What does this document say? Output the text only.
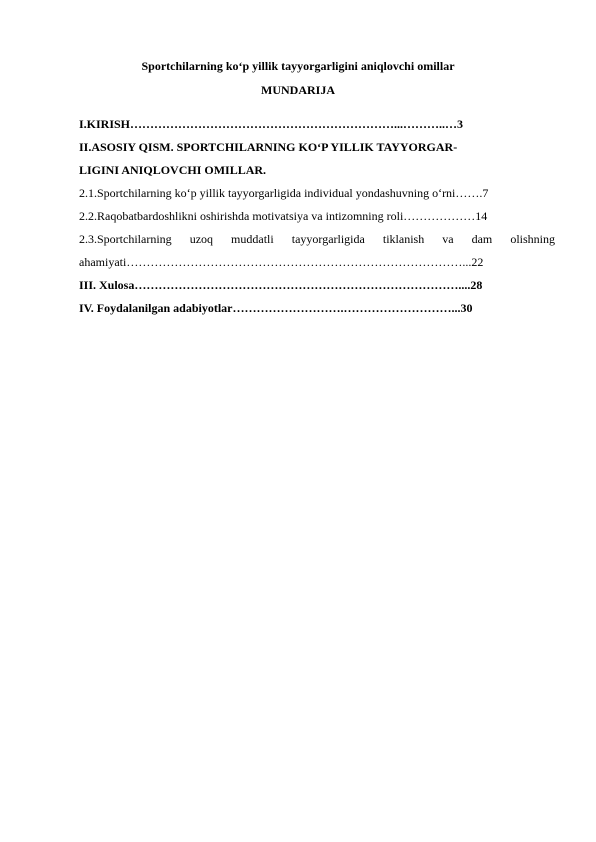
Sportchilarning ko‘p yillik tayyorgarligini aniqlovchi omillar
MUNDARIJA
I.KIRISH…………………………………………………………...………..…3
II.ASOSIY QISM. SPORTCHILARNING KO‘P YILLIK TAYYORGAR-
LIGINI ANIQLOVCHI OMILLAR.
2.1.Sportchilarning ko‘p yillik tayyorgarligida individual yondashuvning o‘rni…….7
2.2.Raqobatbardoshlikni oshirishda motivatsiya va intizomning roli………………14
2.3.Sportchilarning uzoq muddatli tayyorgarligida tiklanish va dam olishning
ahamiyati…………………………………………………………………………...22
III. Xulosa………………………………………………………………………....28
IV. Foydalanilgan adabiyotlar……………………….………………………...30
